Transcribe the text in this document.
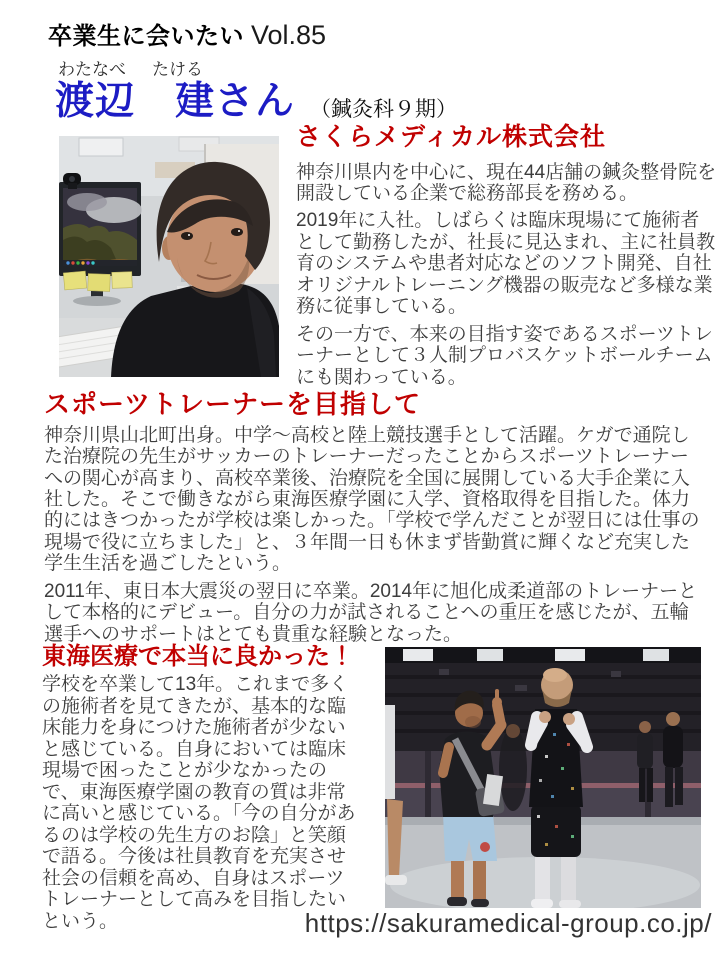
卒業生に会いたい Vol.85
わたなべ たける
渡辺　建さん （鍼灸科９期）
さくらメディカル株式会社

神奈川県内を中心に、現在44店舗の鍼灸整骨院を開設している企業で総務部長を務める。

2019年に入社。しばらくは臨床現場にて施術者として勤務したが、社長に見込まれ、主に社員教育のシステムや患者対応などのソフト開発、自社オリジナルトレーニング機器の販売など多様な業務に従事している。

その一方で、本来の目指す姿であるスポーツトレーナーとして３人制プロバスケットボールチームにも関わっている。

スポーツトレーナーを目指して

神奈川県山北町出身。中学～高校と陸上競技選手として活躍。ケガで通院した治療院の先生がサッカーのトレーナーだったことからスポーツトレーナーへの関心が高まり、高校卒業後、治療院を全国に展開している大手企業に入社した。そこで働きながら東海医療学園に入学、資格取得を目指した。体力的にはきつかったが学校は楽しかった。「学校で学んだことが翌日には仕事の現場で役に立ちました」と、３年間一日も休まず皆勤賞に輝くなど充実した学生生活を過ごしたという。

2011年、東日本大震災の翌日に卒業。2014年に旭化成柔道部のトレーナーとして本格的にデビュー。自分の力が試されることへの重圧を感じたが、五輪選手へのサポートはとても貴重な経験となった。

東海医療で本当に良かった！

学校を卒業して13年。これまで多くの施術者を見てきたが、基本的な臨床能力を身につけた施術者が少ないと感じている。自身においては臨床現場で困ったことが少なかったので、東海医療学園の教育の質は非常に高いと感じている。「今の自分があるのは学校の先生方のお陰」と笑顔で語る。今後は社員教育を充実させ社会の信頼を高め、自身はスポーツトレーナーとして高みを目指したいという。	https://sakuramedical-group.co.jp/
